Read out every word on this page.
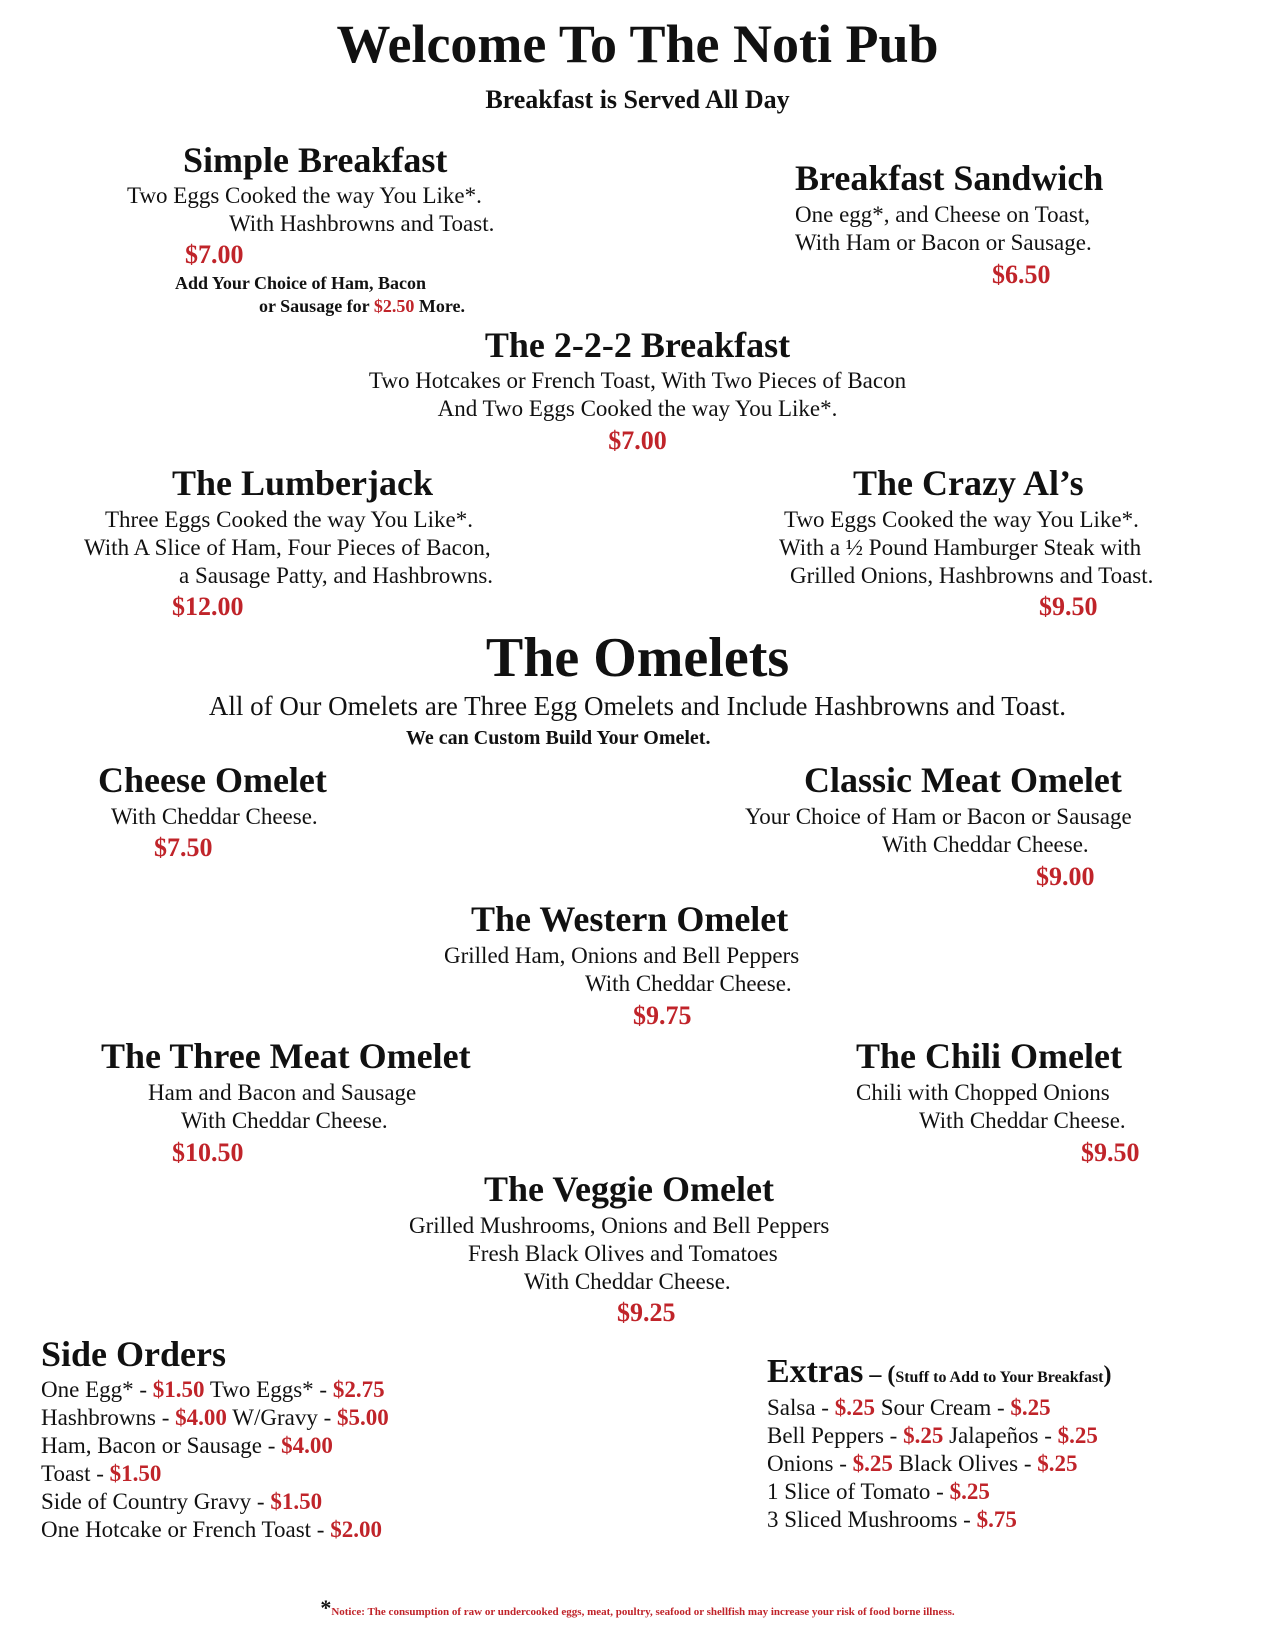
Welcome To The Noti Pub
Breakfast is Served All Day
Simple Breakfast
Two Eggs Cooked the way You Like*.
With Hashbrowns and Toast.
$7.00
Add Your Choice of Ham, Bacon
or Sausage for $2.50 More.
Breakfast Sandwich
One egg*, and Cheese on Toast,
With Ham or Bacon or Sausage.
$6.50
The 2-2-2 Breakfast
Two Hotcakes or French Toast, With Two Pieces of Bacon
And Two Eggs Cooked the way You Like*.
$7.00
The Lumberjack
Three Eggs Cooked the way You Like*.
With A Slice of Ham, Four Pieces of Bacon,
a Sausage Patty, and Hashbrowns.
$12.00
The Crazy Al’s
Two Eggs Cooked the way You Like*.
With a ½ Pound Hamburger Steak with
Grilled Onions, Hashbrowns and Toast.
$9.50
The Omelets
All of Our Omelets are Three Egg Omelets and Include Hashbrowns and Toast.
We can Custom Build Your Omelet.
Cheese Omelet
With Cheddar Cheese.
$7.50
Classic Meat Omelet
Your Choice of Ham or Bacon or Sausage
With Cheddar Cheese.
$9.00
The Western Omelet
Grilled Ham, Onions and Bell Peppers
With Cheddar Cheese.
$9.75
The Three Meat Omelet
Ham and Bacon and Sausage
With Cheddar Cheese.
$10.50
The Chili Omelet
Chili with Chopped Onions
With Cheddar Cheese.
$9.50
The Veggie Omelet
Grilled Mushrooms, Onions and Bell Peppers
Fresh Black Olives and Tomatoes
With Cheddar Cheese.
$9.25
Side Orders
One Egg* - $1.50 Two Eggs* - $2.75
Hashbrowns - $4.00 W/Gravy - $5.00
Ham, Bacon or Sausage - $4.00
Toast - $1.50
Side of Country Gravy - $1.50
One Hotcake or French Toast - $2.00
Extras – (Stuff to Add to Your Breakfast)
Salsa - $.25 Sour Cream - $.25
Bell Peppers - $.25 Jalapeños - $.25
Onions - $.25 Black Olives - $.25
1 Slice of Tomato - $.25
3 Sliced Mushrooms - $.75
*Notice: The consumption of raw or undercooked eggs, meat, poultry, seafood or shellfish may increase your risk of food borne illness.
